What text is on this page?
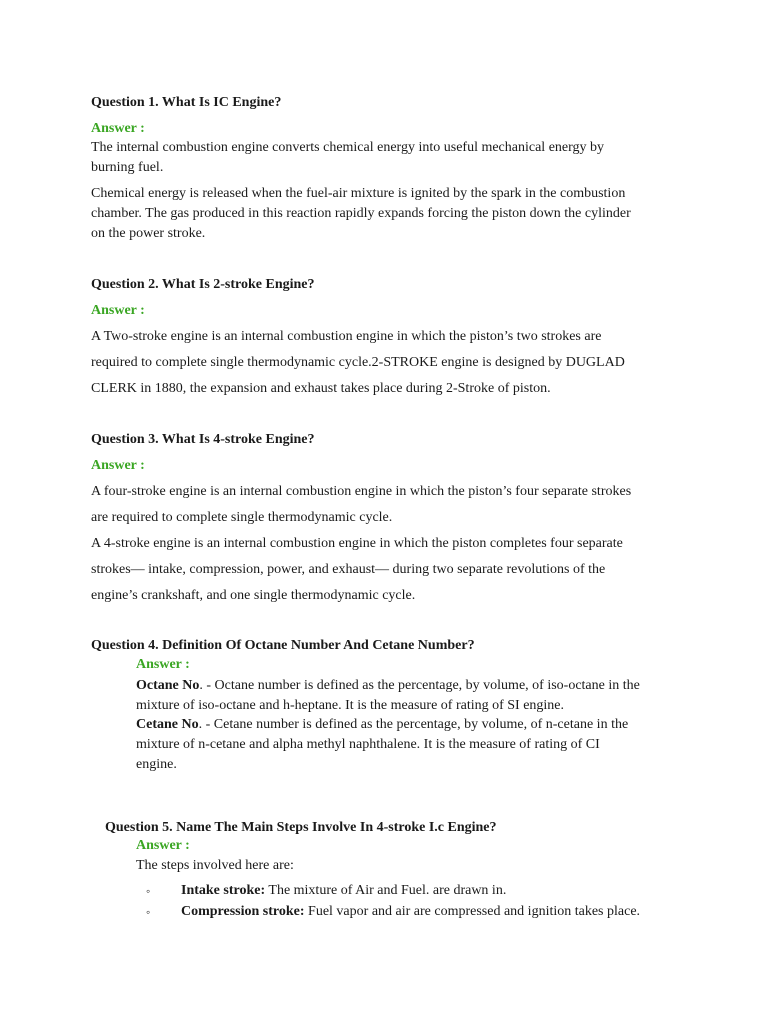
Question 1. What Is IC Engine?
Answer :
The internal combustion engine converts chemical energy into useful mechanical energy by
burning fuel.
Chemical energy is released when the fuel-air mixture is ignited by the spark in the combustion
chamber. The gas produced in this reaction rapidly expands forcing the piston down the cylinder
on the power stroke.
Question 2. What Is 2-stroke Engine?
Answer :
A Two-stroke engine is an internal combustion engine in which the piston’s two strokes are
required to complete single thermodynamic cycle.2-STROKE engine is designed by DUGLAD
CLERK in 1880, the expansion and exhaust takes place during 2-Stroke of piston.
Question 3. What Is 4-stroke Engine?
Answer :
A four-stroke engine is an internal combustion engine in which the piston’s four separate strokes
are required to complete single thermodynamic cycle.
A 4-stroke engine is an internal combustion engine in which the piston completes four separate
strokes— intake, compression, power, and exhaust— during two separate revolutions of the
engine’s crankshaft, and one single thermodynamic cycle.
Question 4. Definition Of Octane Number And Cetane Number?
Answer :
Octane No. - Octane number is defined as the percentage, by volume, of iso-octane in the
mixture of iso-octane and h-heptane. It is the measure of rating of SI engine.
Cetane No. - Cetane number is defined as the percentage, by volume, of n-cetane in the
mixture of n-cetane and alpha methyl naphthalene. It is the measure of rating of CI
engine.
Question 5. Name The Main Steps Involve In 4-stroke I.c Engine?
Answer :
The steps involved here are:
◦ Intake stroke: The mixture of Air and Fuel. are drawn in.
◦ Compression stroke: Fuel vapor and air are compressed and ignition takes place.
